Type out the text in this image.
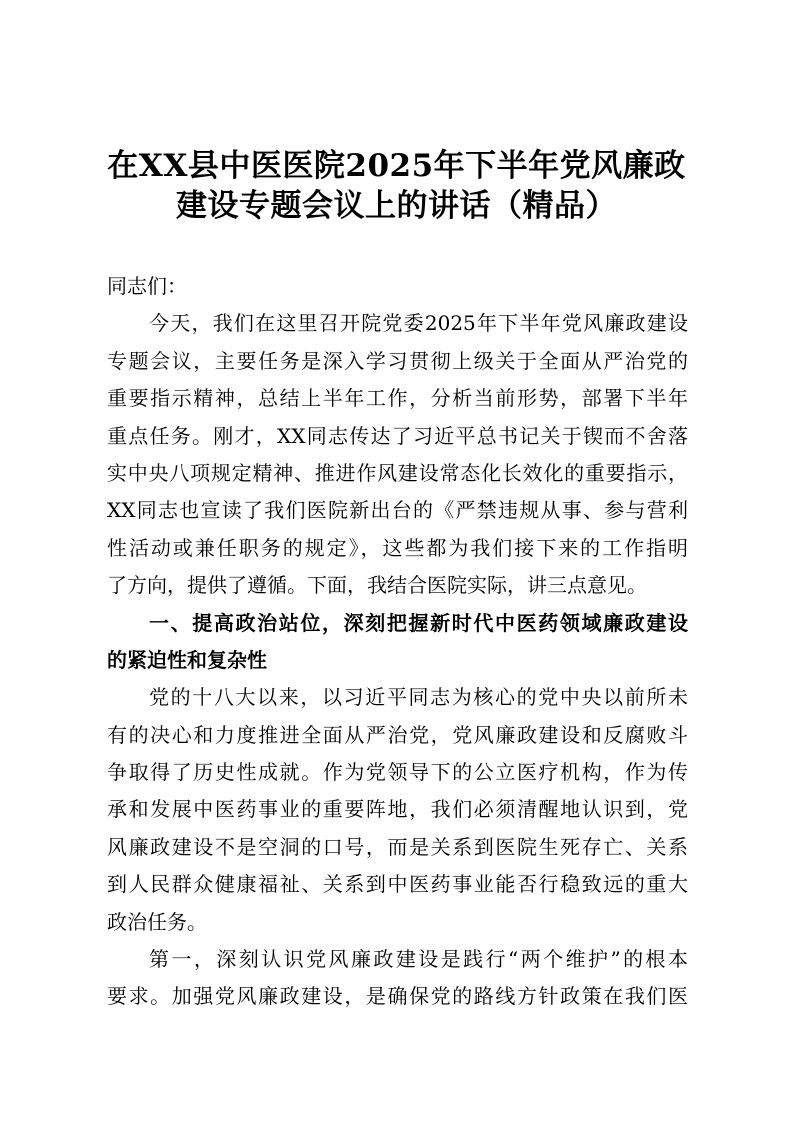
在XX县中医医院2025年下半年党风廉政
建设专题会议上的讲话（精品）
同志们：
今天，我们在这里召开院党委2025年下半年党风廉政建设
专题会议，主要任务是深入学习贯彻上级关于全面从严治党的
重要指示精神，总结上半年工作，分析当前形势，部署下半年
重点任务。刚才，XX同志传达了习近平总书记关于锲而不舍落
实中央八项规定精神、推进作风建设常态化长效化的重要指示，
XX同志也宣读了我们医院新出台的《严禁违规从事、参与营利
性活动或兼任职务的规定》，这些都为我们接下来的工作指明
了方向，提供了遵循。下面，我结合医院实际，讲三点意见。
一、提高政治站位，深刻把握新时代中医药领域廉政建设
的紧迫性和复杂性
党的十八大以来，以习近平同志为核心的党中央以前所未
有的决心和力度推进全面从严治党，党风廉政建设和反腐败斗
争取得了历史性成就。作为党领导下的公立医疗机构，作为传
承和发展中医药事业的重要阵地，我们必须清醒地认识到，党
风廉政建设不是空洞的口号，而是关系到医院生死存亡、关系
到人民群众健康福祉、关系到中医药事业能否行稳致远的重大
政治任务。
第一，深刻认识党风廉政建设是践行“两个维护”的根本
要求。加强党风廉政建设，是确保党的路线方针政策在我们医
